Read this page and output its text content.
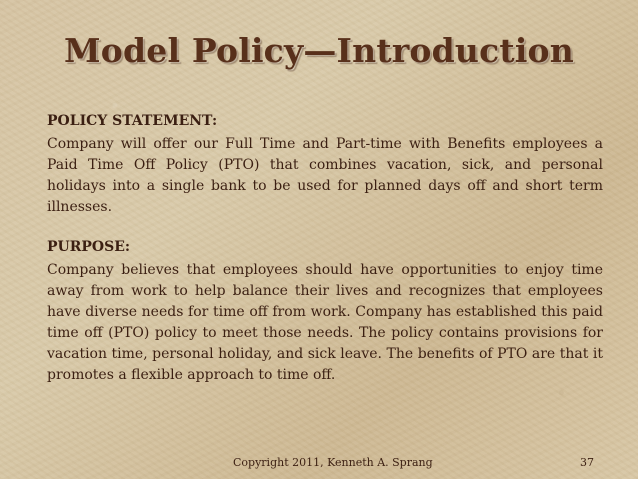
Model Policy—Introduction
POLICY STATEMENT:

Company will offer our Full Time and Part-time with Benefits employees a Paid Time Off Policy (PTO) that combines vacation, sick, and personal holidays into a single bank to be used for planned days off and short term illnesses.

PURPOSE:

Company believes that employees should have opportunities to enjoy time away from work to help balance their lives and recognizes that employees have diverse needs for time off from work. Company has established this paid time off (PTO) policy to meet those needs. The policy contains provisions for vacation time, personal holiday, and sick leave. The benefits of PTO are that it promotes a flexible approach to time off.

Copyright 2011, Kenneth A. Sprang	37
